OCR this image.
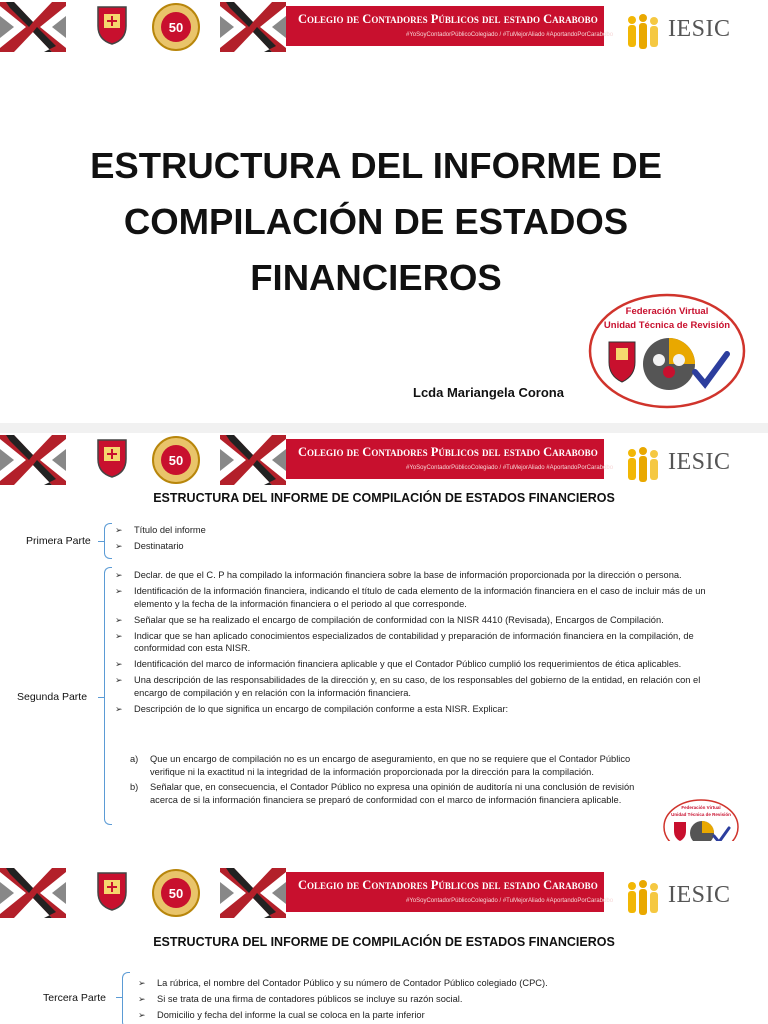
50
Colegio de Contadores Públicos del estado Carabobo
#YoSoyContadorPúblicoColegiado / #TuMejorAliado #AportandoPorCarabobo IESIC
ESTRUCTURA DEL INFORME DE
COMPILACIÓN DE ESTADOS
FINANCIEROS
Lcda Mariangela Corona
Federación Virtual
Unidad Técnica de Revisión
50
Colegio de Contadores Públicos del estado Carabobo
#YoSoyContadorPúblicoColegiado / #TuMejorAliado #AportandoPorCarabobo IESIC
ESTRUCTURA DEL INFORME DE COMPILACIÓN DE ESTADOS FINANCIEROS
Primera Parte
➢ Título del informe
➢ Destinatario
Segunda Parte
➢ Declar. de que el C. P ha compilado la información financiera sobre la base de información proporcionada por la dirección o persona.
➢ Identificación de la información financiera, indicando el título de cada elemento de la información financiera en el caso de incluir más de un elemento y la fecha de la información financiera o el periodo al que corresponde.
➢ Señalar que se ha realizado el encargo de compilación de conformidad con la NISR 4410 (Revisada), Encargos de Compilación.
➢ Indicar que se han aplicado conocimientos especializados de contabilidad y preparación de información financiera en la compilación, de conformidad con esta NISR.
➢ Identificación del marco de información financiera aplicable y que el Contador Público cumplió los requerimientos de ética aplicables.
➢ Una descripción de las responsabilidades de la dirección y, en su caso, de los responsables del gobierno de la entidad, en relación con el encargo de compilación y en relación con la información financiera.
➢ Descripción de lo que significa un encargo de compilación conforme a esta NISR. Explicar:
a) Que un encargo de compilación no es un encargo de aseguramiento, en que no se requiere que el Contador Público verifique ni la exactitud ni la integridad de la información proporcionada por la dirección para la compilación.
b) Señalar que, en consecuencia, el Contador Público no expresa una opinión de auditoría ni una conclusión de revisión acerca de si la información financiera se preparó de conformidad con el marco de información financiera aplicable.
Federación Virtual
Unidad Técnica de Revisión
50
Colegio de Contadores Públicos del estado Carabobo
#YoSoyContadorPúblicoColegiado / #TuMejorAliado #AportandoPorCarabobo IESIC
ESTRUCTURA DEL INFORME DE COMPILACIÓN DE ESTADOS FINANCIEROS
Tercera Parte
➢ La rúbrica, el nombre del Contador Público y su número de Contador Público colegiado (CPC).
➢ Si se trata de una firma de contadores públicos se incluye su razón social.
➢ Domicilio y fecha del informe la cual se coloca en la parte inferior
